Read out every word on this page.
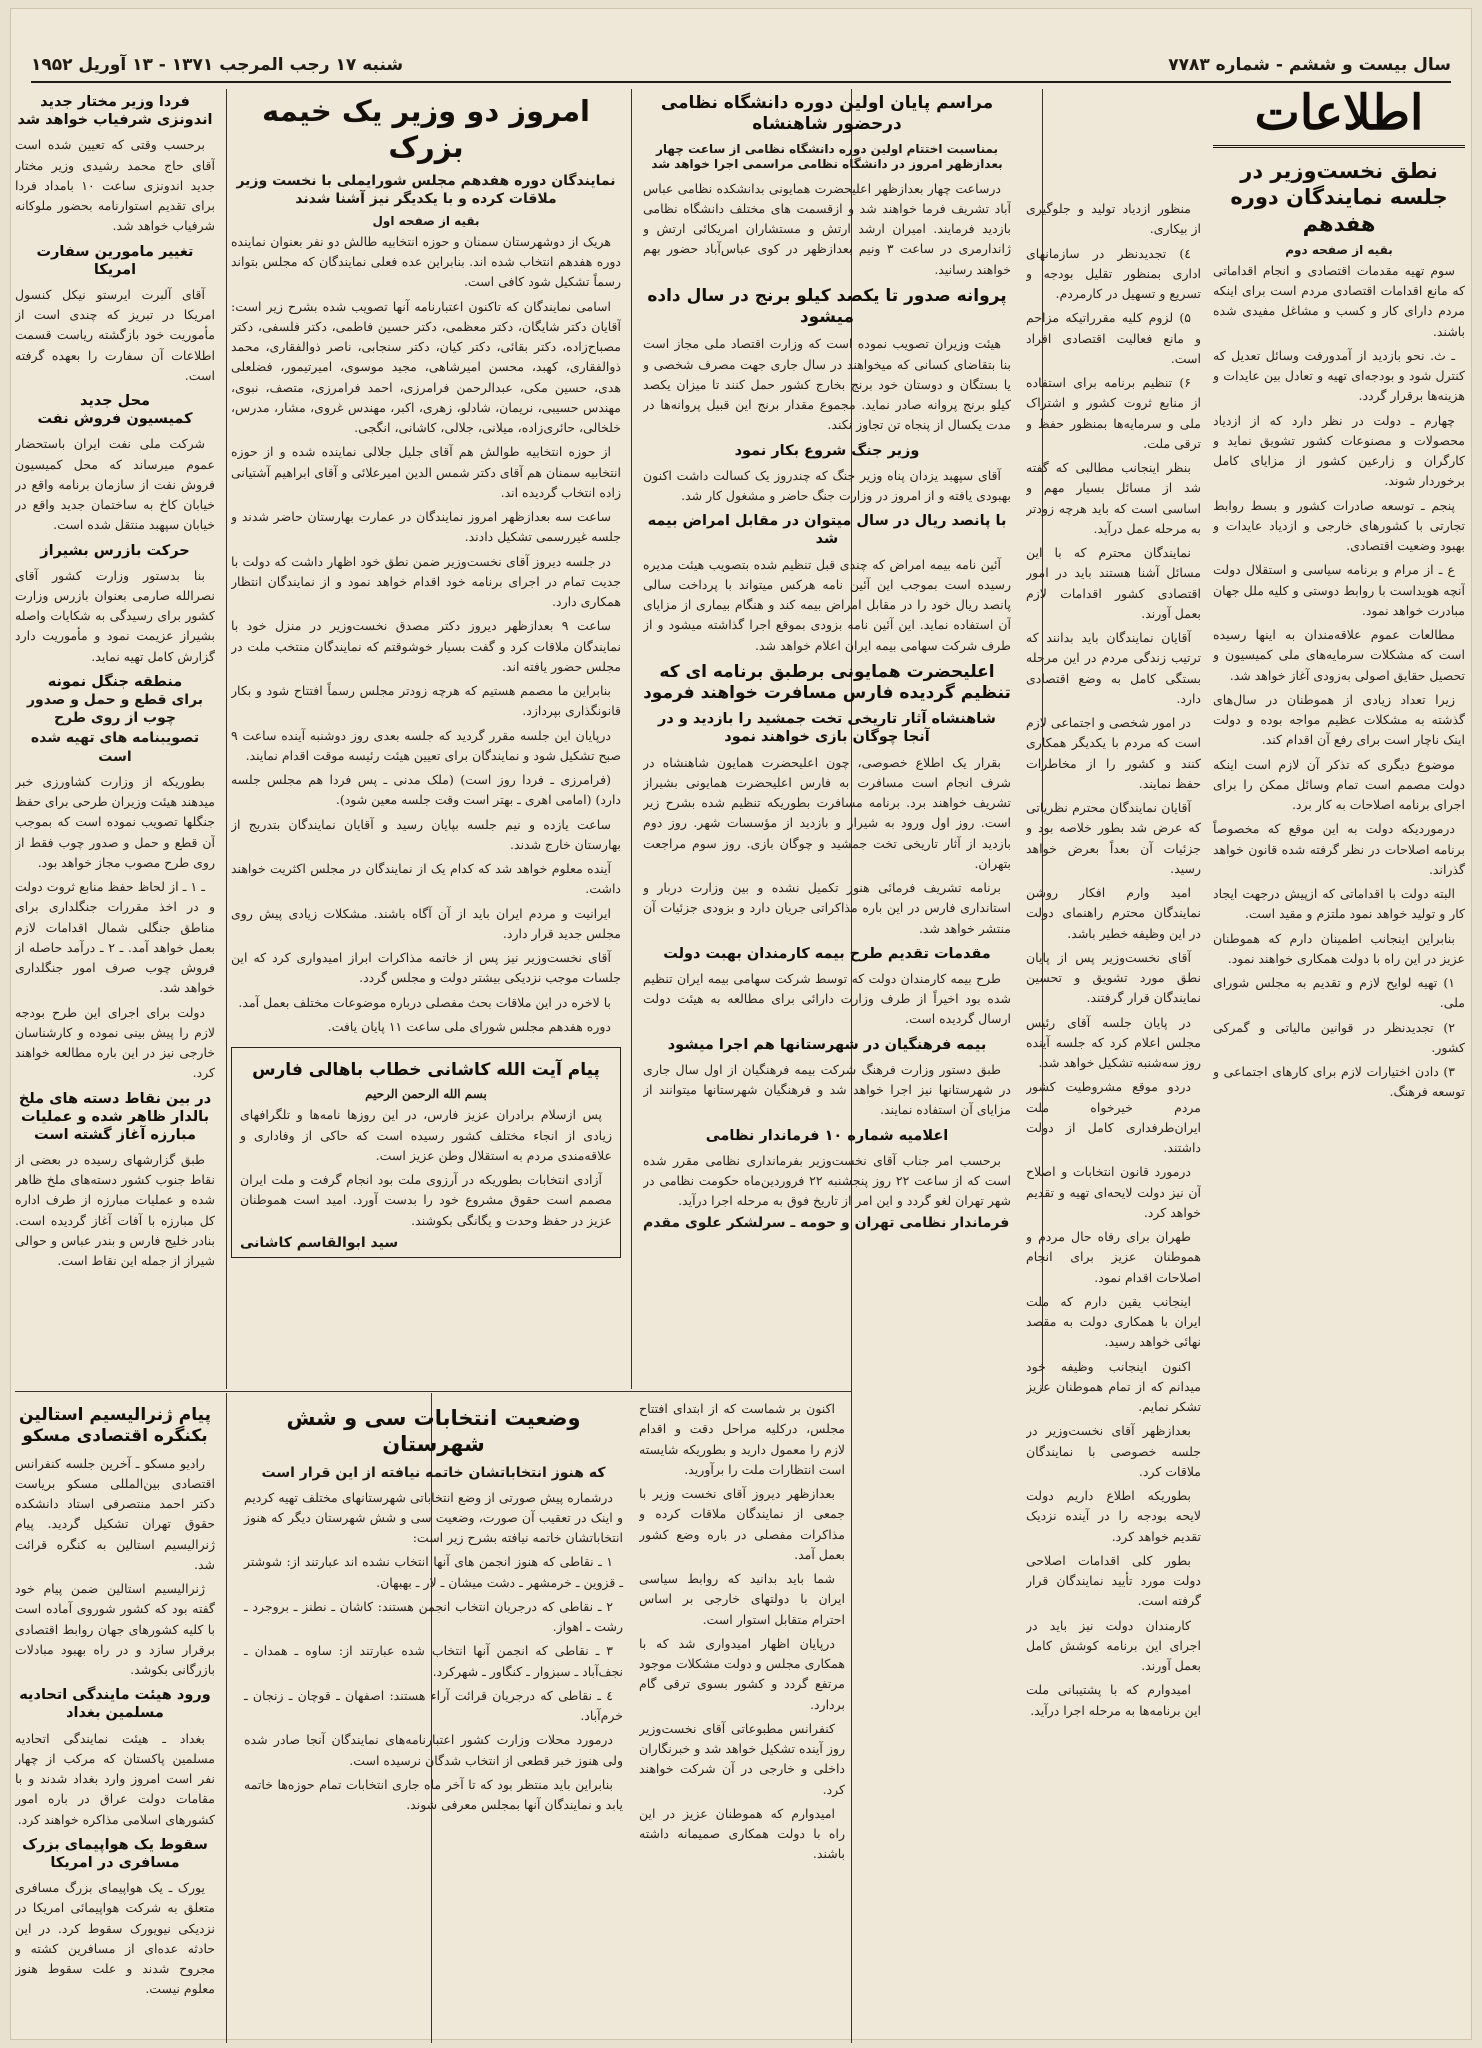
سال بیست و ششم - شماره ۷۷۸۳
شنبه ۱۷ رجب المرجب ۱۳۷۱ - ۱۳ آوریل ۱۹۵۲
اطلاعات
نطق نخست‌وزیر در جلسه نمایندگان دوره هفدهم
بقیه از صفحه دوم

سوم تهیه مقدمات اقتصادی و انجام اقداماتی که مانع اقدامات اقتصادی مردم است برای اینکه مردم دارای کار و کسب و مشاغل مفیدی شده باشند.

ـ ث. نحو بازدید از آمدورفت وسائل تعدیل که کنترل شود و بودجه‌ای تهیه و تعادل بین عایدات و هزینه‌ها برقرار گردد.

چهارم ـ دولت در نظر دارد که از ازدیاد محصولات و مصنوعات کشور تشویق نماید و کارگران و زارعین کشور از مزایای کامل برخوردار شوند.

پنجم ـ توسعه صادرات کشور و بسط روابط تجارتی با کشورهای خارجی و ازدیاد عایدات و بهبود وضعیت اقتصادی.

ع ـ از مرام و برنامه سیاسی و استقلال دولت آنچه هویداست با روابط دوستی و کلیه ملل جهان مبادرت خواهد نمود.

مطالعات عموم علاقه‌مندان به اینها رسیده است که مشکلات سرمایه‌های ملی کمیسیون و تحصیل حقایق اصولی به‌زودی آغاز خواهد شد.

زیرا تعداد زیادی از هموطنان در سال‌های گذشته به مشکلات عظیم مواجه بوده و دولت اینک ناچار است برای رفع آن اقدام کند.

موضوع دیگری که تذکر آن لازم است اینکه دولت مصمم است تمام وسائل ممکن را برای اجرای برنامه اصلاحات به کار برد.

درموردیکه دولت به این موقع که مخصوصاً برنامه اصلاحات در نظر گرفته شده قانون خواهد گذراند.

البته دولت با اقداماتی که ازپیش درجهت ایجاد کار و تولید خواهد نمود ملتزم و مقید است.

بنابراین اینجانب اطمینان دارم که هموطنان عزیز در این راه با دولت همکاری خواهند نمود.

۱) تهیه لوایح لازم و تقدیم به مجلس شورای ملی.

۲) تجدیدنظر در قوانین مالیاتی و گمرکی کشور.

۳) دادن اختیارات لازم برای کارهای اجتماعی و توسعه فرهنگ.

منظور ازدیاد تولید و جلوگیری از بیکاری.

٤) تجدیدنظر در سازمانهای اداری بمنظور تقلیل بودجه و تسریع و تسهیل در کارمردم.

۵) لزوم کلیه مقرراتیکه مزاحم و مانع فعالیت اقتصادی افراد است.

۶) تنظیم برنامه برای استفاده از منابع ثروت کشور و اشتراک ملی و سرمایه‌ها بمنظور حفظ و ترقی ملت.

بنظر اینجانب مطالبی که گفته شد از مسائل بسیار مهم و اساسی است که باید هرچه زودتر به مرحله عمل درآید.

نمایندگان محترم که با این مسائل آشنا هستند باید در امور اقتصادی کشور اقدامات لازم بعمل آورند.

آقایان نمایندگان باید بدانند که ترتیب زندگی مردم در این مرحله بستگی کامل به وضع اقتصادی دارد.

در امور شخصی و اجتماعی لازم است که مردم با یکدیگر همکاری کنند و کشور را از مخاطرات حفظ نمایند.

آقایان نمایندگان محترم نظریاتی که عرض شد بطور خلاصه بود و جزئیات آن بعداً بعرض خواهد رسید.

امید وارم افکار روشن نمایندگان محترم راهنمای دولت در این وظیفه خطیر باشد.

آقای نخست‌وزیر پس از پایان نطق مورد تشویق و تحسین نمایندگان قرار گرفتند.

در پایان جلسه آقای رئیس مجلس اعلام کرد که جلسه آینده روز سه‌شنبه تشکیل خواهد شد.

دردو موقع مشروطیت کشور مردم خیرخواه ملت ایران‌طرفداری کامل از دولت داشتند.

درمورد قانون انتخابات و اصلاح آن نیز دولت لایحه‌ای تهیه و تقدیم خواهد کرد.

طهران برای رفاه حال مردم و هموطنان عزیز برای انجام اصلاحات اقدام نمود.

اینجانب یقین دارم که ملت ایران با همکاری دولت به مقصد نهائی خواهد رسید.

اکنون اینجانب وظیفه خود میدانم که از تمام هموطنان عزیز تشکر نمایم.

بعدازظهر آقای نخست‌وزیر در جلسه خصوصی با نمایندگان ملاقات کرد.

بطوریکه اطلاع داریم دولت لایحه بودجه را در آینده نزدیک تقدیم خواهد کرد.

بطور کلی اقدامات اصلاحی دولت مورد تأیید نمایندگان قرار گرفته است.

کارمندان دولت نیز باید در اجرای این برنامه کوشش کامل بعمل آورند.

امیدوارم که با پشتیبانی ملت این برنامه‌ها به مرحله اجرا درآید.

مراسم پایان اولین دوره دانشگاه نظامی درحضور شاهنشاه
بمناسبت اختتام اولین دوره دانشگاه نظامی از ساعت چهار بعدازظهر امروز در دانشگاه نظامی مراسمی اجرا خواهد شد

درساعت چهار بعدازظهر اعلیحضرت همایونی بدانشکده نظامی عباس آباد تشریف فرما خواهند شد و ازقسمت های مختلف دانشگاه نظامی بازدید فرمایند. امیران ارشد ارتش و مستشاران امریکائی ارتش و ژاندارمری در ساعت ۳ ونیم بعدازظهر در کوی عباس‌آباد حضور بهم خواهند رسانید.

پروانه صدور تا یکصد کیلو برنج در سال داده میشود

هیئت وزیران تصویب نموده است که وزارت اقتصاد ملی مجاز است بنا بتقاضای کسانی که میخواهند در سال جاری جهت مصرف شخصی و یا بستگان و دوستان خود برنج بخارج کشور حمل کنند تا میزان یکصد کیلو برنج پروانه صادر نماید. مجموع مقدار برنج این قبیل پروانه‌ها در مدت یکسال از پنجاه تن تجاوز نکند.

وزیر جنگ شروع بکار نمود

آقای سپهبد یزدان پناه وزیر جنگ که چندروز یک کسالت داشت اکنون بهبودی یافته و از امروز در وزارت جنگ حاضر و مشغول کار شد.

با پانصد ریال در سال میتوان در مقابل امراض بیمه شد

آئین نامه بیمه امراض که چندی قبل تنظیم شده بتصویب هیئت مدیره رسیده است بموجب این آئین نامه هرکس میتواند با پرداخت سالی پانصد ریال خود را در مقابل امراض بیمه کند و هنگام بیماری از مزایای آن استفاده نماید. این آئین نامه بزودی بموقع اجرا گذاشته میشود و از طرف شرکت سهامی بیمه ایران اعلام خواهد شد.

اعلیحضرت همایونی برطبق برنامه ای که تنظیم گردیده فارس مسافرت خواهند فرمود
شاهنشاه آثار تاریخی تخت جمشید را بازدید و در آنجا چوگان بازی خواهند نمود

بقرار یک اطلاع خصوصی، چون اعلیحضرت همایون شاهنشاه در شرف انجام است مسافرت به فارس اعلیحضرت همایونی بشیراز تشریف خواهند برد. برنامه مسافرت بطوریکه تنظیم شده بشرح زیر است. روز اول ورود به شیراز و بازدید از مؤسسات شهر. روز دوم بازدید از آثار تاریخی تخت جمشید و چوگان بازی. روز سوم مراجعت بتهران.

برنامه تشریف فرمائی هنوز تکمیل نشده و بین وزارت دربار و استانداری فارس در این باره مذاکراتی جریان دارد و بزودی جزئیات آن منتشر خواهد شد.

مقدمات تقدیم طرح بیمه کارمندان بهبت دولت

طرح بیمه کارمندان دولت که توسط شرکت سهامی بیمه ایران تنظیم شده بود اخیراً از طرف وزارت دارائی برای مطالعه به هیئت دولت ارسال گردیده است.

بیمه فرهنگیان در شهرستانها هم اجرا میشود

طبق دستور وزارت فرهنگ شرکت بیمه فرهنگیان از اول سال جاری در شهرستانها نیز اجرا خواهد شد و فرهنگیان شهرستانها میتوانند از مزایای آن استفاده نمایند.

اعلامیه شماره ۱۰ فرماندار نظامی

برحسب امر جناب آقای نخست‌وزیر بفرمانداری نظامی مقرر شده است که از ساعت ۲۲ روز پنجشنبه ۲۲ فروردین‌ماه حکومت نظامی در شهر تهران لغو گردد و این امر از تاریخ فوق به مرحله اجرا درآید.

فرماندار نظامی تهران و حومه ـ سرلشکر علوی مقدم
امروز دو وزیر یک خیمه بزرک
نمایندگان دوره هفدهم مجلس شورایملی با نخست وزیر ملاقات کرده و با یکدیگر نیز آشنا شدند
بقیه از صفحه اول

هریک از دوشهرستان سمنان و حوزه انتخابیه طالش دو نفر بعنوان نماینده دوره هفدهم انتخاب شده اند. بنابراین عده فعلی نمایندگان که مجلس بتواند رسماً تشکیل شود کافی است.

اسامی نمایندگان که تاکنون اعتبارنامه آنها تصویب شده بشرح زیر است: آقایان دکتر شایگان، دکتر معظمی، دکتر حسین فاطمی، دکتر فلسفی، دکتر مصباح‌زاده، دکتر بقائی، دکتر کیان، دکتر سنجابی، ناصر ذوالفقاری، محمد ذوالفقاری، کهبد، محسن امیرشاهی، مجید موسوی، امیرتیمور، فضلعلی هدی، حسین مکی، عبدالرحمن فرامرزی، احمد فرامرزی، متصف، نبوی، مهندس حسیبی، نریمان، شادلو، زهری، اکبر، مهندس غروی، مشار، مدرس، خلخالی، حائری‌زاده، میلانی، جلالی، کاشانی، انگجی.

از حوزه انتخابیه طوالش هم آقای جلیل جلالی نماینده شده و از حوزه انتخابیه سمنان هم آقای دکتر شمس الدین امیرعلائی و آقای ابراهیم آشتیانی زاده انتخاب گردیده اند.

ساعت سه بعدازظهر امروز نمایندگان در عمارت بهارستان حاضر شدند و جلسه غیررسمی تشکیل دادند.

در جلسه دیروز آقای نخست‌وزیر ضمن نطق خود اظهار داشت که دولت با جدیت تمام در اجرای برنامه خود اقدام خواهد نمود و از نمایندگان انتظار همکاری دارد.

ساعت ۹ بعدازظهر دیروز دکتر مصدق نخست‌وزیر در منزل خود با نمایندگان ملاقات کرد و گفت بسیار خوشوقتم که نمایندگان منتخب ملت در مجلس حضور یافته اند.

بنابراین ما مصمم هستیم که هرچه زودتر مجلس رسماً افتتاح شود و بکار قانونگذاری بپردازد.

درپایان این جلسه مقرر گردید که جلسه بعدی روز دوشنبه آینده ساعت ۹ صبح تشکیل شود و نمایندگان برای تعیین هیئت رئیسه موقت اقدام نمایند.

(فرامرزی ـ فردا روز است) (ملک مدنی ـ پس فردا هم مجلس جلسه دارد) (امامی اهری ـ بهتر است وقت جلسه معین شود).

ساعت یازده و نیم جلسه بپایان رسید و آقایان نمایندگان بتدریج از بهارستان خارج شدند.

آینده معلوم خواهد شد که کدام یک از نمایندگان در مجلس اکثریت خواهند داشت.

ایرانیت و مردم ایران باید از آن آگاه باشند. مشکلات زیادی پیش روی مجلس جدید قرار دارد.

آقای نخست‌وزیر نیز پس از خاتمه مذاکرات ابراز امیدواری کرد که این جلسات موجب نزدیکی بیشتر دولت و مجلس گردد.

با لاخره در این ملاقات بحث مفصلی درباره موضوعات مختلف بعمل آمد.

دوره هفدهم مجلس شورای ملی ساعت ۱۱ پایان یافت.

پیام آیت الله کاشانی خطاب باهالی فارس
بسم الله الرحمن الرحیم

پس ازسلام برادران عزیز فارس، در این روزها نامه‌ها و تلگرافهای زیادی از انجاء مختلف کشور رسیده است که حاکی از وفاداری و علاقه‌مندی مردم به استقلال وطن عزیز است.

آزادی انتخابات بطوریکه در آرزوی ملت بود انجام گرفت و ملت ایران مصمم است حقوق مشروع خود را بدست آورد. امید است هموطنان عزیز در حفظ وحدت و یگانگی بکوشند.

سید ابوالقاسم کاشانی
فردا وزیر مختار جدید اندونزی شرفیاب خواهد شد

برحسب وقتی که تعیین شده است آقای حاج محمد رشیدی وزیر مختار جدید اندونزی ساعت ۱۰ بامداد فردا برای تقدیم استوارنامه بحضور ملوکانه شرفیاب خواهد شد.

تغییر مامورین سفارت امریکا

آقای آلبرت ایرستو نیکل کنسول امریکا در تبریز که چندی است از مأموریت خود بازگشته ریاست قسمت اطلاعات آن سفارت را بعهده گرفته است.

محل جدید
کمیسیون فروش نفت

شرکت ملی نفت ایران باستحضار عموم میرساند که محل کمیسیون فروش نفت از سازمان برنامه واقع در خیابان کاخ به ساختمان جدید واقع در خیابان سپهبد منتقل شده است.

حرکت بازرس بشیراز

بنا بدستور وزارت کشور آقای نصرالله صارمی بعنوان بازرس وزارت کشور برای رسیدگی به شکایات واصله بشیراز عزیمت نمود و مأموریت دارد گزارش کامل تهیه نماید.

منطقه جنگل نمونه
برای قطع و حمل و صدور چوب از روی طرح
تصویبنامه های تهیه شده است

بطوریکه از وزارت کشاورزی خبر میدهند هیئت وزیران طرحی برای حفظ جنگلها تصویب نموده است که بموجب آن قطع و حمل و صدور چوب فقط از روی طرح مصوب مجاز خواهد بود.

ـ ۱ ـ از لحاظ حفظ منابع ثروت دولت و در اخذ مقررات جنگلداری برای مناطق جنگلی شمال اقدامات لازم بعمل خواهد آمد. ـ ۲ ـ درآمد حاصله از فروش چوب صرف امور جنگلداری خواهد شد.

دولت برای اجرای این طرح بودجه لازم را پیش بینی نموده و کارشناسان خارجی نیز در این باره مطالعه خواهند کرد.

در بین نقاط دسته های ملخ بالدار ظاهر شده و عملیات مبارزه آغاز گشته است

طبق گزارشهای رسیده در بعضی از نقاط جنوب کشور دسته‌های ملخ ظاهر شده و عملیات مبارزه از طرف اداره کل مبارزه با آفات آغاز گردیده است. بنادر خلیج فارس و بندر عباس و حوالی شیراز از جمله این نقاط است.

اکنون بر شماست که از ابتدای افتتاح مجلس، درکلیه مراحل دقت و اقدام لازم را معمول دارید و بطوریکه شایسته است انتظارات ملت را برآورید.

بعدازظهر دیروز آقای نخست وزیر با جمعی از نمایندگان ملاقات کرده و مذاکرات مفصلی در باره وضع کشور بعمل آمد.

شما باید بدانید که روابط سیاسی ایران با دولتهای خارجی بر اساس احترام متقابل استوار است.

درپایان اظهار امیدواری شد که با همکاری مجلس و دولت مشکلات موجود مرتفع گردد و کشور بسوی ترقی گام بردارد.

کنفرانس مطبوعاتی آقای نخست‌وزیر روز آینده تشکیل خواهد شد و خبرنگاران داخلی و خارجی در آن شرکت خواهند کرد.

امیدوارم که هموطنان عزیز در این راه با دولت همکاری صمیمانه داشته باشند.

وضعیت انتخابات سی و شش شهرستان
که هنوز انتخاباتشان خاتمه نیافته از این قرار است

درشماره پیش صورتی از وضع انتخاباتی شهرستانهای مختلف تهیه کردیم و اینک در تعقیب آن صورت، وضعیت سی و شش شهرستان دیگر که هنوز انتخاباتشان خاتمه نیافته بشرح زیر است:

۱ ـ نقاطی که هنوز انجمن های آنها انتخاب نشده اند عبارتند از: شوشتر ـ قزوین ـ خرمشهر ـ دشت میشان ـ لار ـ بهبهان.

۲ ـ نقاطی که درجریان انتخاب انجمن هستند: کاشان ـ نطنز ـ بروجرد ـ رشت ـ اهواز.

۳ ـ نقاطی که انجمن آنها انتخاب شده عبارتند از: ساوه ـ همدان ـ نجف‌آباد ـ سبزوار ـ کنگاور ـ شهرکرد.

٤ ـ نقاطی که درجریان قرائت آراء هستند: اصفهان ـ قوچان ـ زنجان ـ خرم‌آباد.

درمورد محلات وزارت کشور اعتبارنامه‌های نمایندگان آنجا صادر شده ولی هنوز خبر قطعی از انتخاب شدگان نرسیده است.

بنابراین باید منتظر بود که تا آخر ماه جاری انتخابات تمام حوزه‌ها خاتمه یابد و نمایندگان آنها بمجلس معرفی شوند.

پیام ژنرالیسیم استالین بکنگره اقتصادی مسکو

رادیو مسکو ـ آخرین جلسه کنفرانس اقتصادی بین‌المللی مسکو بریاست دکتر احمد منتصرفی استاد دانشکده حقوق تهران تشکیل گردید. پیام ژنرالیسیم استالین به کنگره قرائت شد.

ژنرالیسیم استالین ضمن پیام خود گفته بود که کشور شوروی آماده است با کلیه کشورهای جهان روابط اقتصادی برقرار سازد و در راه بهبود مبادلات بازرگانی بکوشد.

ورود هیئت مایندگی اتحادیه مسلمین بغداد

بغداد ـ هیئت نمایندگی اتحادیه مسلمین پاکستان که مرکب از چهار نفر است امروز وارد بغداد شدند و با مقامات دولت عراق در باره امور کشورهای اسلامی مذاکره خواهند کرد.

سقوط یک هواپیمای بزرک مسافری در امریکا

یورک ـ یک هواپیمای بزرگ مسافری متعلق به شرکت هواپیمائی امریکا در نزدیکی نیویورک سقوط کرد. در این حادثه عده‌ای از مسافرین کشته و مجروح شدند و علت سقوط هنوز معلوم نیست.
